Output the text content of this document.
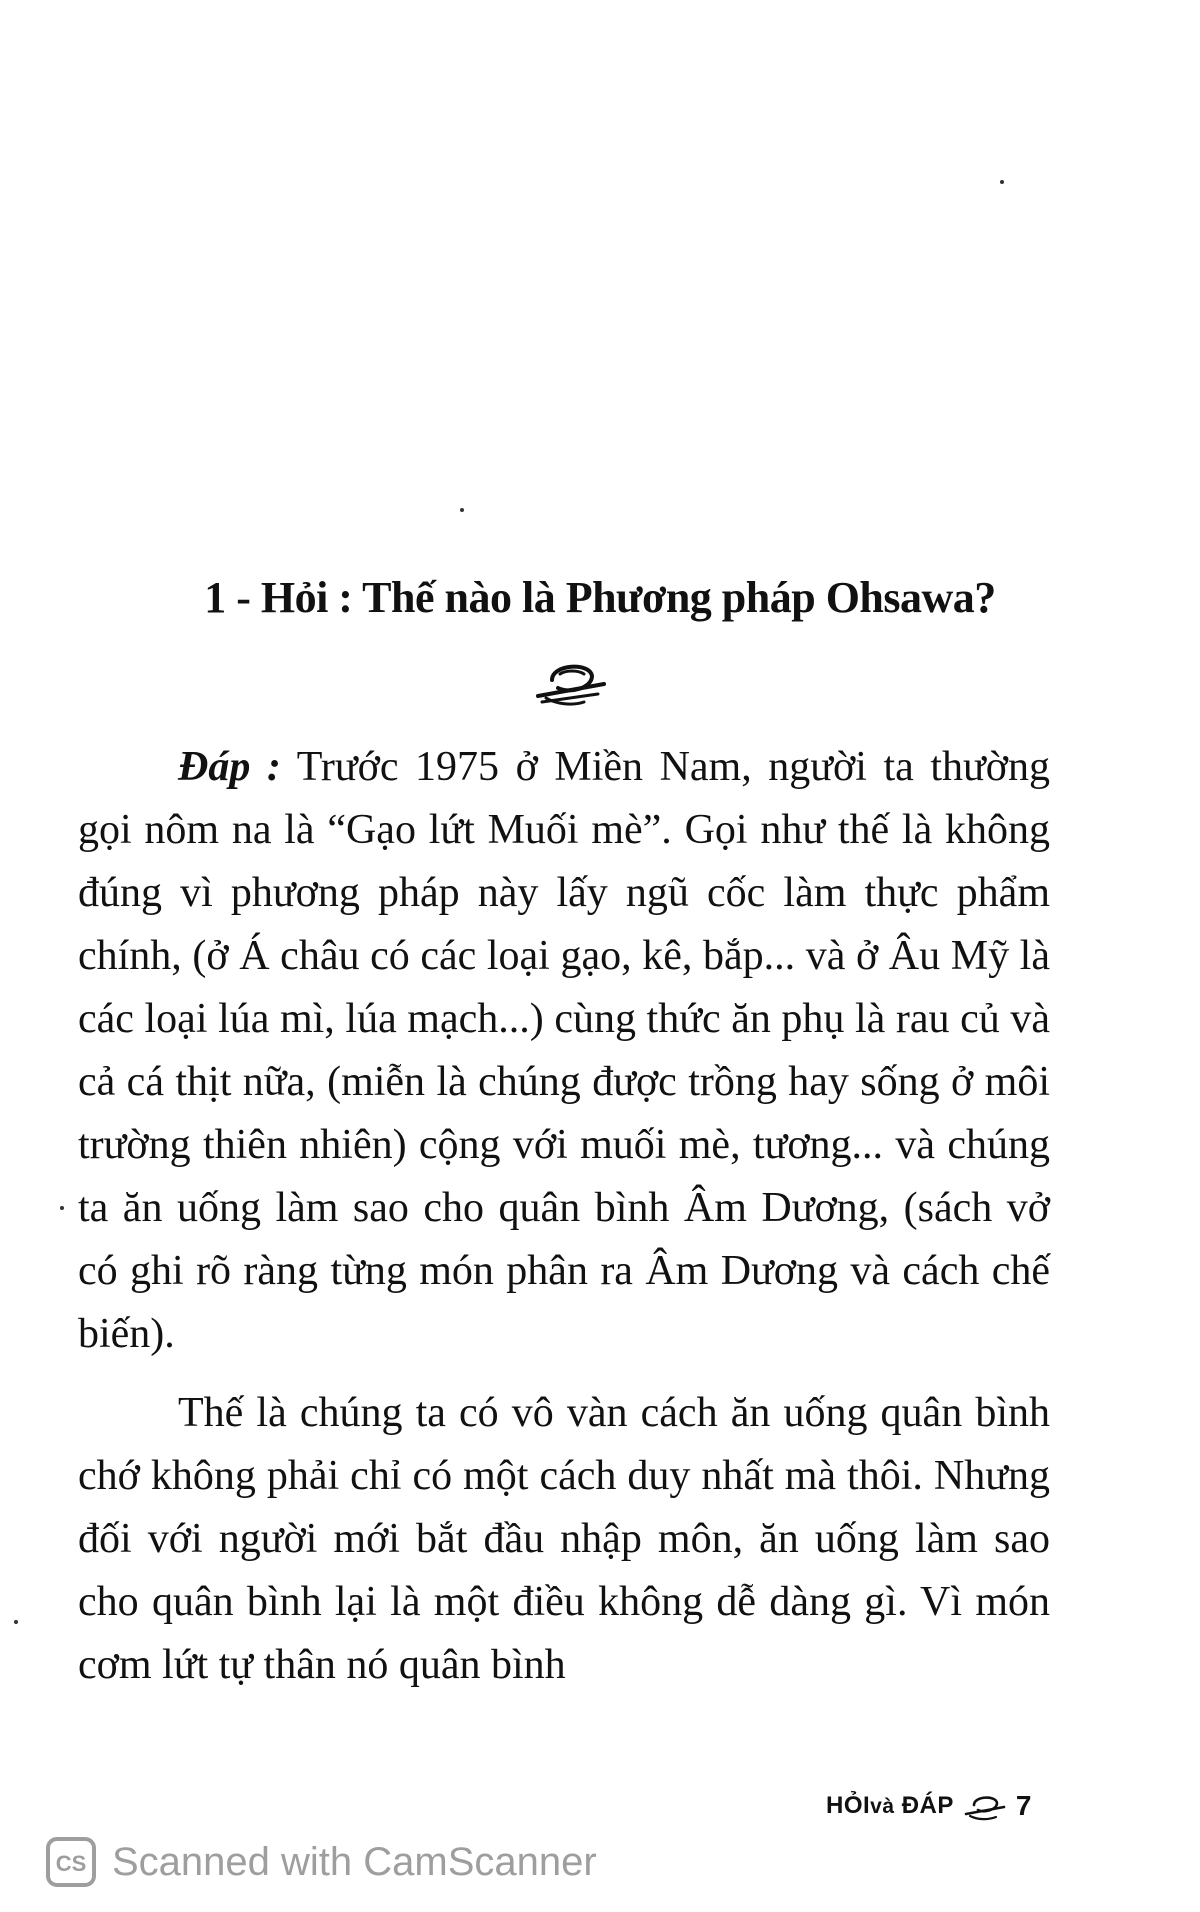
1 - Hỏi : Thế nào là Phương pháp Ohsawa?

Đáp : Trước 1975 ở Miền Nam, người ta thường gọi nôm na là “Gạo lứt Muối mè”. Gọi như thế là không đúng vì phương pháp này lấy ngũ cốc làm thực phẩm chính, (ở Á châu có các loại gạo, kê, bắp... và ở Âu Mỹ là các loại lúa mì, lúa mạch...) cùng thức ăn phụ là rau củ và cả cá thịt nữa, (miễn là chúng được trồng hay sống ở môi trường thiên nhiên) cộng với muối mè, tương... và chúng ta ăn uống làm sao cho quân bình Âm Dương, (sách vở có ghi rõ ràng từng món phân ra Âm Dương và cách chế biến).

Thế là chúng ta có vô vàn cách ăn uống quân bình chớ không phải chỉ có một cách duy nhất mà thôi. Nhưng đối với người mới bắt đầu nhập môn, ăn uống làm sao cho quân bình lại là một điều không dễ dàng gì. Vì món cơm lứt tự thân nó quân bình

HỎIvà ĐÁP 7
CS Scanned with CamScanner
